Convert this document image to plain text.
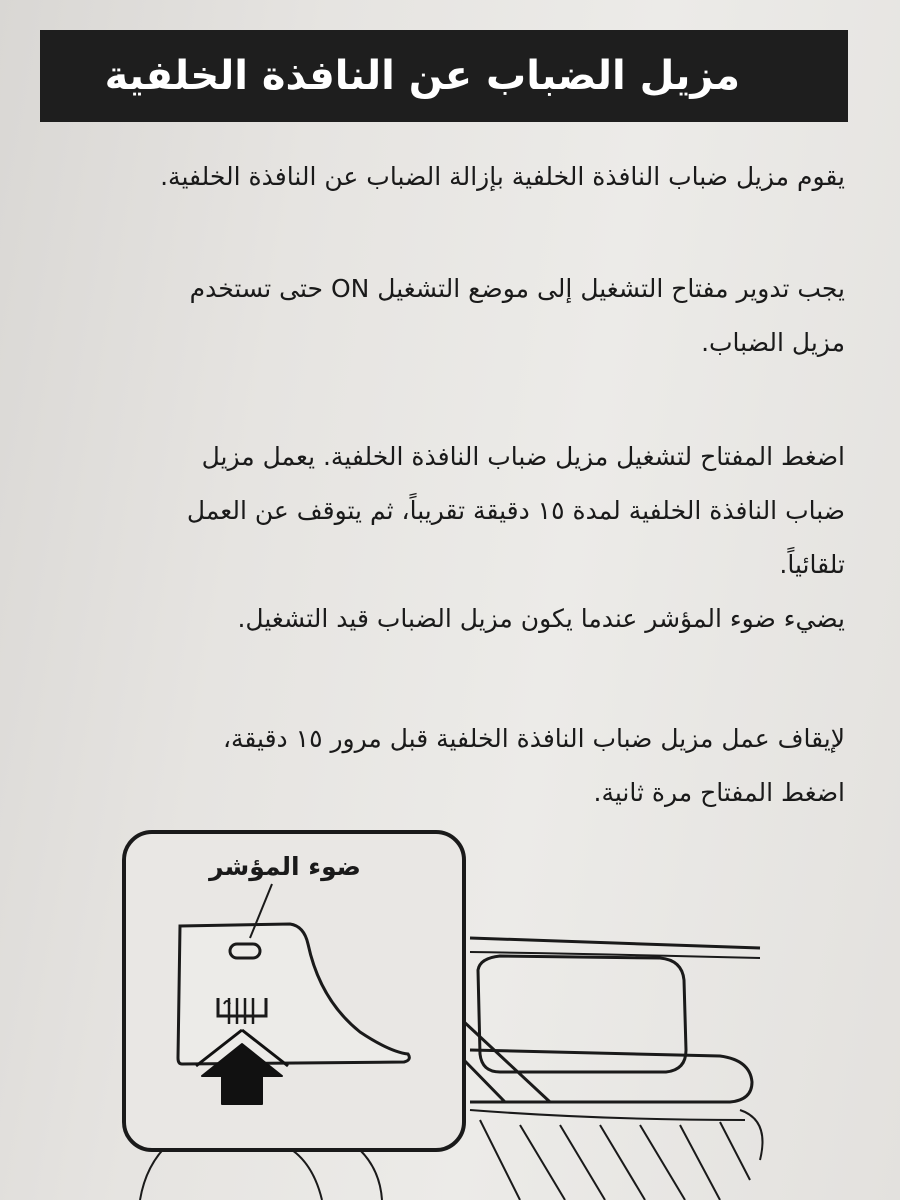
مزيل الضباب عن النافذة الخلفية

يقوم مزيل ضباب النافذة الخلفية بإزالة الضباب عن النافذة الخلفية.

يجب تدوير مفتاح التشغيل إلى موضع التشغيل ON حتى تستخدم

مزيل الضباب.

اضغط المفتاح لتشغيل مزيل ضباب النافذة الخلفية. يعمل مزيل

ضباب النافذة الخلفية لمدة ١٥ دقيقة تقريباً، ثم يتوقف عن العمل

تلقائياً.

يضيء ضوء المؤشر عندما يكون مزيل الضباب قيد التشغيل.

لإيقاف عمل مزيل ضباب النافذة الخلفية قبل مرور ١٥ دقيقة،

اضغط المفتاح مرة ثانية.

ضوء المؤشر
